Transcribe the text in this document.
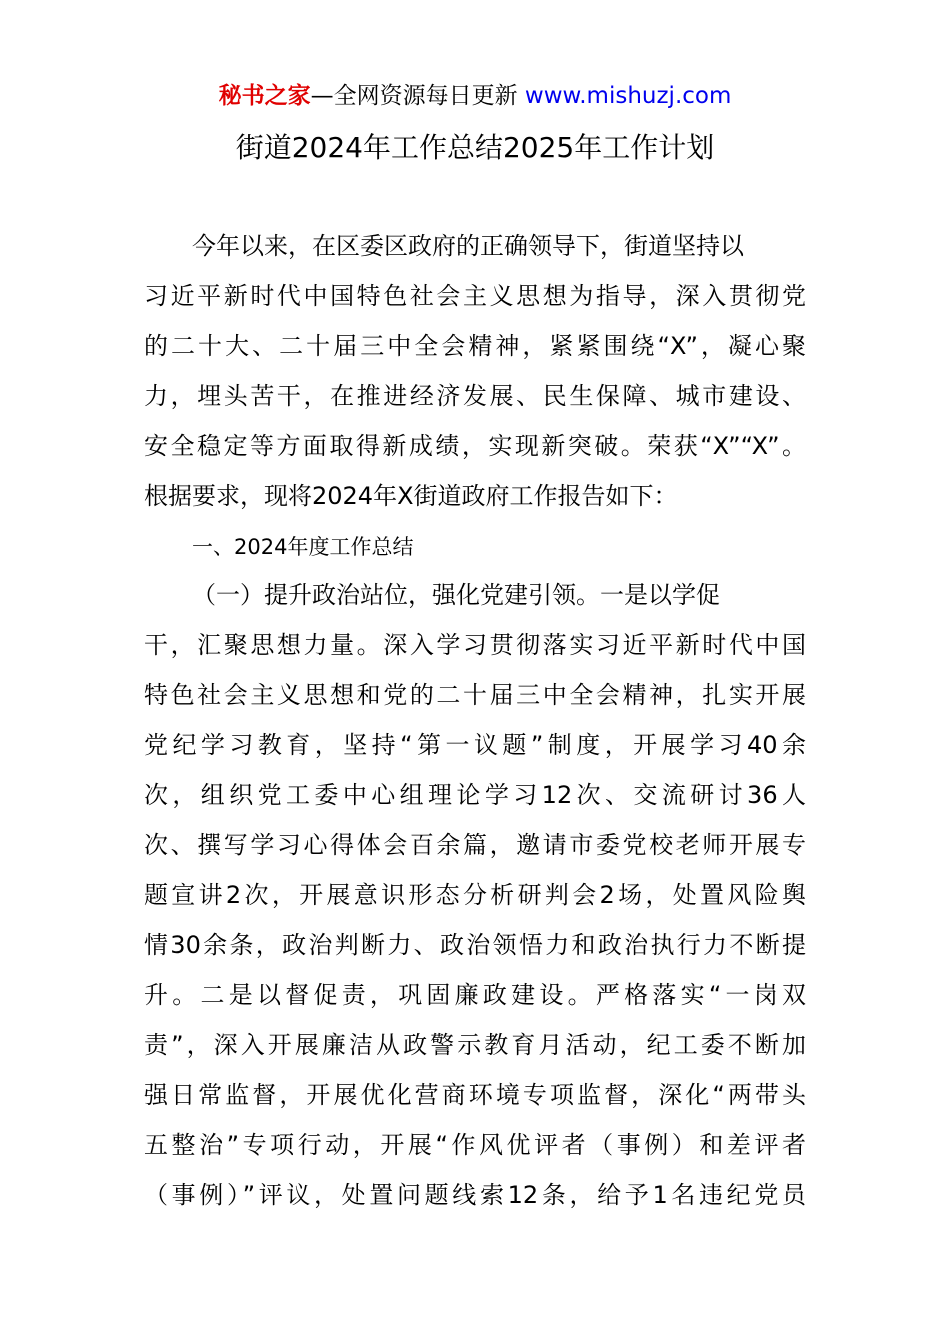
秘书之家—全网资源每日更新 www.mishuzj.com
街道2024年工作总结2025年工作计划
今年以来，在区委区政府的正确领导下，街道坚持以
习近平新时代中国特色社会主义思想为指导，深入贯彻党
的二十大、二十届三中全会精神，紧紧围绕“X”，凝心聚
力，埋头苦干，在推进经济发展、民生保障、城市建设、
安全稳定等方面取得新成绩，实现新突破。荣获“X”“X”。
根据要求，现将2024年X街道政府工作报告如下：
一、2024年度工作总结
（一）提升政治站位，强化党建引领。一是以学促
干，汇聚思想力量。深入学习贯彻落实习近平新时代中国
特色社会主义思想和党的二十届三中全会精神，扎实开展
党纪学习教育，坚持“第一议题”制度，开展学习40余
次，组织党工委中心组理论学习12次、交流研讨36人
次、撰写学习心得体会百余篇，邀请市委党校老师开展专
题宣讲2次，开展意识形态分析研判会2场，处置风险舆
情30余条，政治判断力、政治领悟力和政治执行力不断提
升。二是以督促责，巩固廉政建设。严格落实“一岗双
责”，深入开展廉洁从政警示教育月活动，纪工委不断加
强日常监督，开展优化营商环境专项监督，深化“两带头
五整治”专项行动，开展“作风优评者（事例）和差评者
（事例）”评议，处置问题线索12条，给予1名违纪党员
